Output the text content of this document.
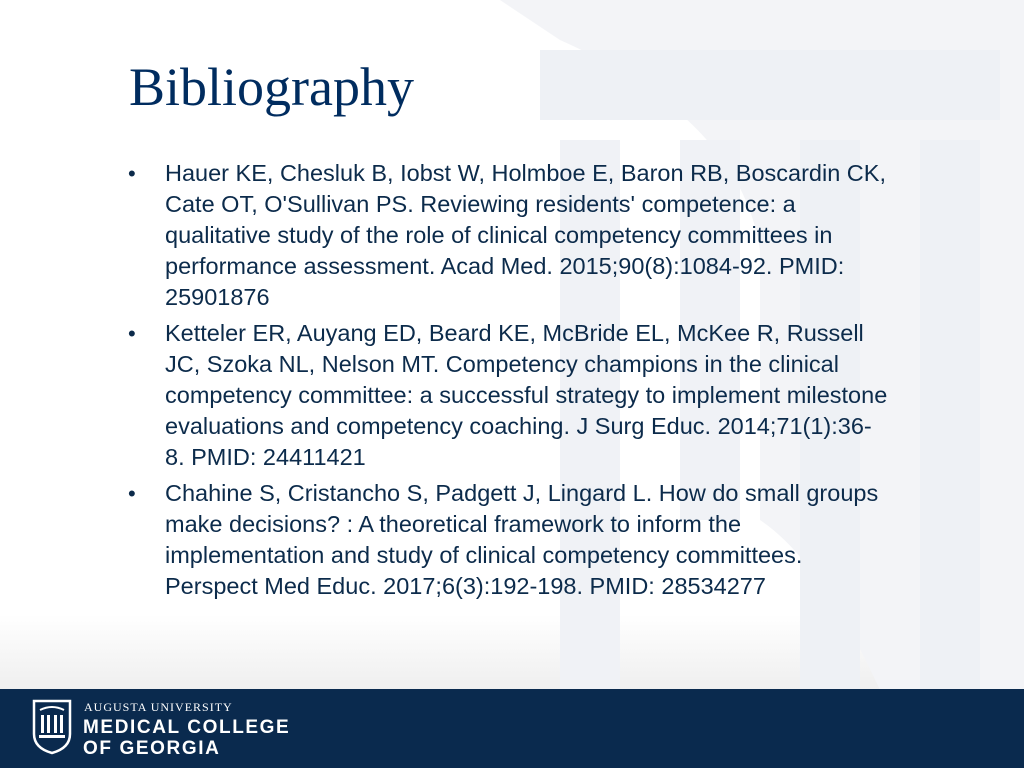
Bibliography
•	Hauer KE, Chesluk B, Iobst W, Holmboe E, Baron RB, Boscardin CK, Cate OT, O'Sullivan PS. Reviewing residents' competence: a qualitative study of the role of clinical competency committees in performance assessment. Acad Med. 2015;90(8):1084-92. PMID: 25901876
•	Ketteler ER, Auyang ED, Beard KE, McBride EL, McKee R, Russell JC, Szoka NL, Nelson MT. Competency champions in the clinical competency committee: a successful strategy to implement milestone evaluations and competency coaching. J Surg Educ. 2014;71(1):36-8. PMID: 24411421
•	Chahine S, Cristancho S, Padgett J, Lingard L. How do small groups make decisions? : A theoretical framework to inform the implementation and study of clinical competency committees. Perspect Med Educ. 2017;6(3):192-198. PMID: 28534277
AUGUSTA UNIVERSITY
MEDICAL COLLEGE
OF GEORGIA
